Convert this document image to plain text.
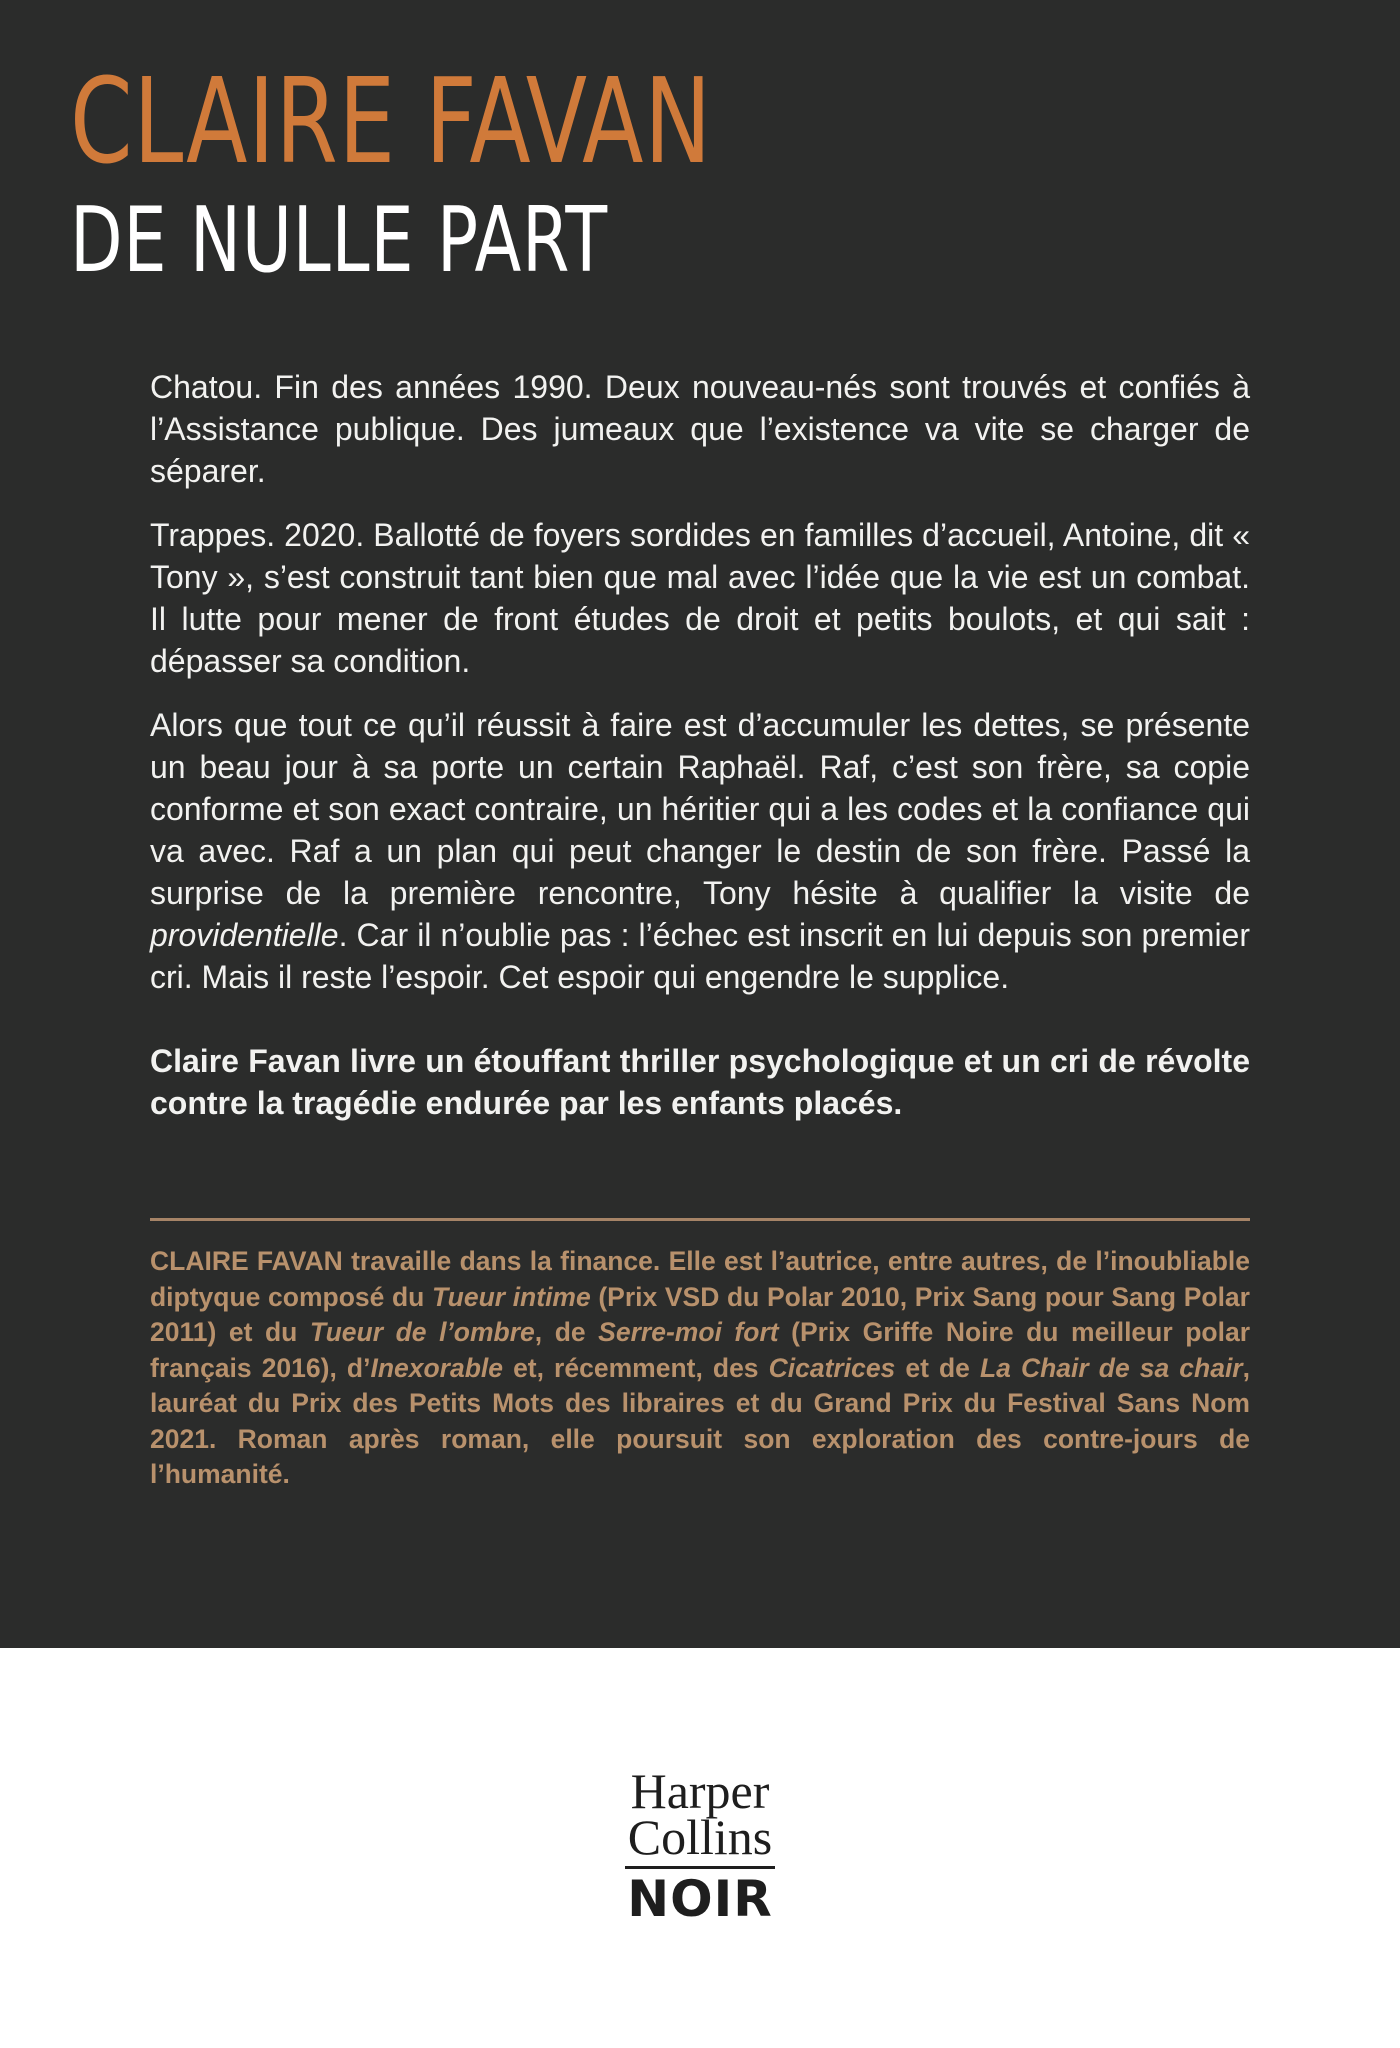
CLAIRE FAVAN
DE NULLE PART

Chatou. Fin des années 1990. Deux nouveau-nés sont trouvés et confiés à l’Assistance publique. Des jumeaux que l’existence va vite se charger de séparer.

Trappes. 2020. Ballotté de foyers sordides en familles d’accueil, Antoine, dit « Tony », s’est construit tant bien que mal avec l’idée que la vie est un combat. Il lutte pour mener de front études de droit et petits boulots, et qui sait : dépasser sa condition.

Alors que tout ce qu’il réussit à faire est d’accumuler les dettes, se présente un beau jour à sa porte un certain Raphaël. Raf, c’est son frère, sa copie conforme et son exact contraire, un héritier qui a les codes et la confiance qui va avec. Raf a un plan qui peut changer le destin de son frère. Passé la surprise de la première rencontre, Tony hésite à qualifier la visite de providentielle. Car il n’oublie pas : l’échec est inscrit en lui depuis son premier cri. Mais il reste l’espoir. Cet espoir qui engendre le supplice.

Claire Favan livre un étouffant thriller psychologique et un cri de révolte contre la tragédie endurée par les enfants placés.

CLAIRE FAVAN travaille dans la finance. Elle est l’autrice, entre autres, de l’inoubliable diptyque composé du Tueur intime (Prix VSD du Polar 2010, Prix Sang pour Sang Polar 2011) et du Tueur de l’ombre, de Serre-moi fort (Prix Griffe Noire du meilleur polar français 2016), d’Inexorable et, récemment, des Cicatrices et de La Chair de sa chair, lauréat du Prix des Petits Mots des libraires et du Grand Prix du Festival Sans Nom 2021. Roman après roman, elle poursuit son exploration des contre-jours de l’humanité.

Harper
Collins
NOIR
